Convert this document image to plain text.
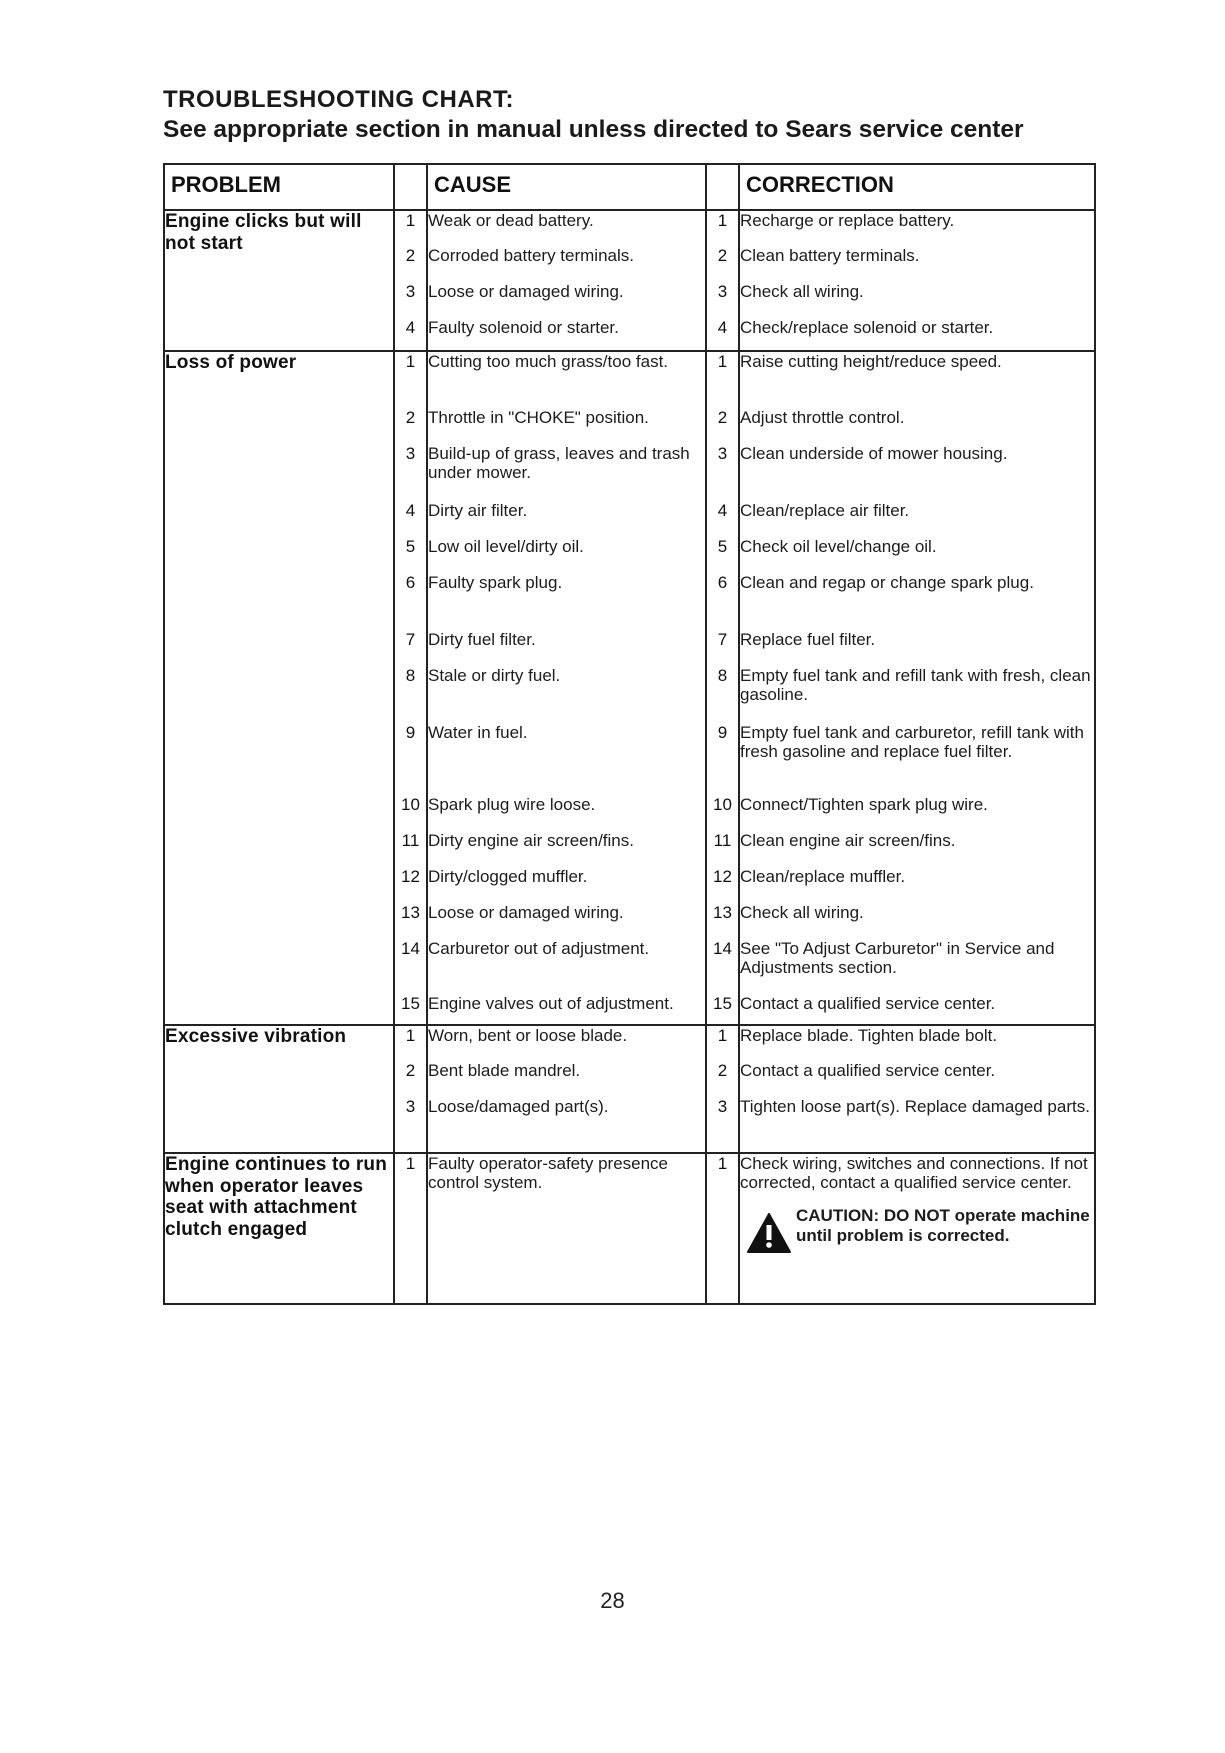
TROUBLESHOOTING CHART:
See appropriate section in manual unless directed to Sears service center
PROBLEM		CAUSE		CORRECTION
Engine clicks but will not start	1	Weak or dead battery.	1	Recharge or replace battery.

	2	Corroded battery terminals.	2	Clean battery terminals.

	3	Loose or damaged wiring.	3	Check all wiring.

	4	Faulty solenoid or starter.	4	Check/replace solenoid or starter.

Loss of power	1	Cutting too much grass/too fast.	1	Raise cutting height/reduce speed.

	2	Throttle in "CHOKE" position.	2	Adjust throttle control.

	3	Build-up of grass, leaves and trash under mower.	3	Clean underside of mower housing.

	4	Dirty air filter.	4	Clean/replace air filter.

	5	Low oil level/dirty oil.	5	Check oil level/change oil.

	6	Faulty spark plug.	6	Clean and regap or change spark plug.

	7	Dirty fuel filter.	7	Replace fuel filter.

	8	Stale or dirty fuel.	8	Empty fuel tank and refill tank with fresh, clean gasoline.

	9	Water in fuel.	9	Empty fuel tank and carburetor, refill tank with fresh gasoline and replace fuel filter.

	10	Spark plug wire loose.	10	Connect/Tighten spark plug wire.

	11	Dirty engine air screen/fins.	11	Clean engine air screen/fins.

	12	Dirty/clogged muffler.	12	Clean/replace muffler.

	13	Loose or damaged wiring.	13	Check all wiring.

	14	Carburetor out of adjustment.	14	See "To Adjust Carburetor" in Service and Adjustments section.

	15	Engine valves out of adjustment.	15	Contact a qualified service center.

Excessive vibration	1	Worn, bent or loose blade.	1	Replace blade. Tighten blade bolt.

	2	Bent blade mandrel.	2	Contact a qualified service center.

	3	Loose/damaged part(s).	3	Tighten loose part(s). Replace damaged parts.

Engine continues to run when operator leaves seat with attachment clutch engaged	1	Faulty operator-safety presence control system.	1	Check wiring, switches and connections. If not corrected, contact a qualified service center.
CAUTION: DO NOT operate machine until problem is corrected.
28
